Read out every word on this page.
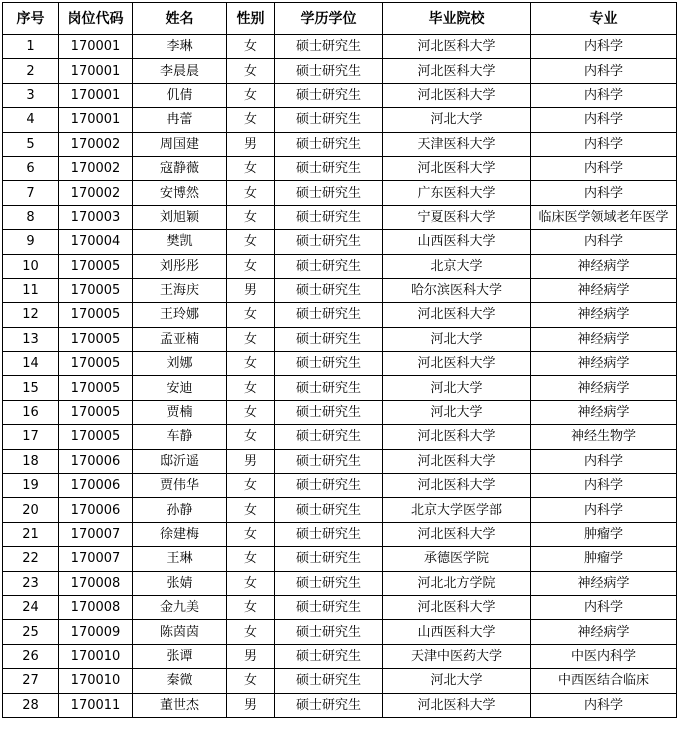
序号	岗位代码	姓名	性别	学历学位	毕业院校	专业
1	170001	李琳	女	硕士研究生	河北医科大学	内科学
2	170001	李晨晨	女	硕士研究生	河北医科大学	内科学
3	170001	仉倩	女	硕士研究生	河北医科大学	内科学
4	170001	冉蕾	女	硕士研究生	河北大学	内科学
5	170002	周国建	男	硕士研究生	天津医科大学	内科学
6	170002	寇静薇	女	硕士研究生	河北医科大学	内科学
7	170002	安博然	女	硕士研究生	广东医科大学	内科学
8	170003	刘旭颖	女	硕士研究生	宁夏医科大学	临床医学领域老年医学
9	170004	樊凯	女	硕士研究生	山西医科大学	内科学
10	170005	刘彤彤	女	硕士研究生	北京大学	神经病学
11	170005	王海庆	男	硕士研究生	哈尔滨医科大学	神经病学
12	170005	王玲娜	女	硕士研究生	河北医科大学	神经病学
13	170005	孟亚楠	女	硕士研究生	河北大学	神经病学
14	170005	刘娜	女	硕士研究生	河北医科大学	神经病学
15	170005	安迪	女	硕士研究生	河北大学	神经病学
16	170005	贾楠	女	硕士研究生	河北大学	神经病学
17	170005	车静	女	硕士研究生	河北医科大学	神经生物学
18	170006	邸沂遥	男	硕士研究生	河北医科大学	内科学
19	170006	贾伟华	女	硕士研究生	河北医科大学	内科学
20	170006	孙静	女	硕士研究生	北京大学医学部	内科学
21	170007	徐建梅	女	硕士研究生	河北医科大学	肿瘤学
22	170007	王琳	女	硕士研究生	承德医学院	肿瘤学
23	170008	张婧	女	硕士研究生	河北北方学院	神经病学
24	170008	金九美	女	硕士研究生	河北医科大学	内科学
25	170009	陈茵茵	女	硕士研究生	山西医科大学	神经病学
26	170010	张谭	男	硕士研究生	天津中医药大学	中医内科学
27	170010	秦微	女	硕士研究生	河北大学	中西医结合临床
28	170011	董世杰	男	硕士研究生	河北医科大学	内科学
